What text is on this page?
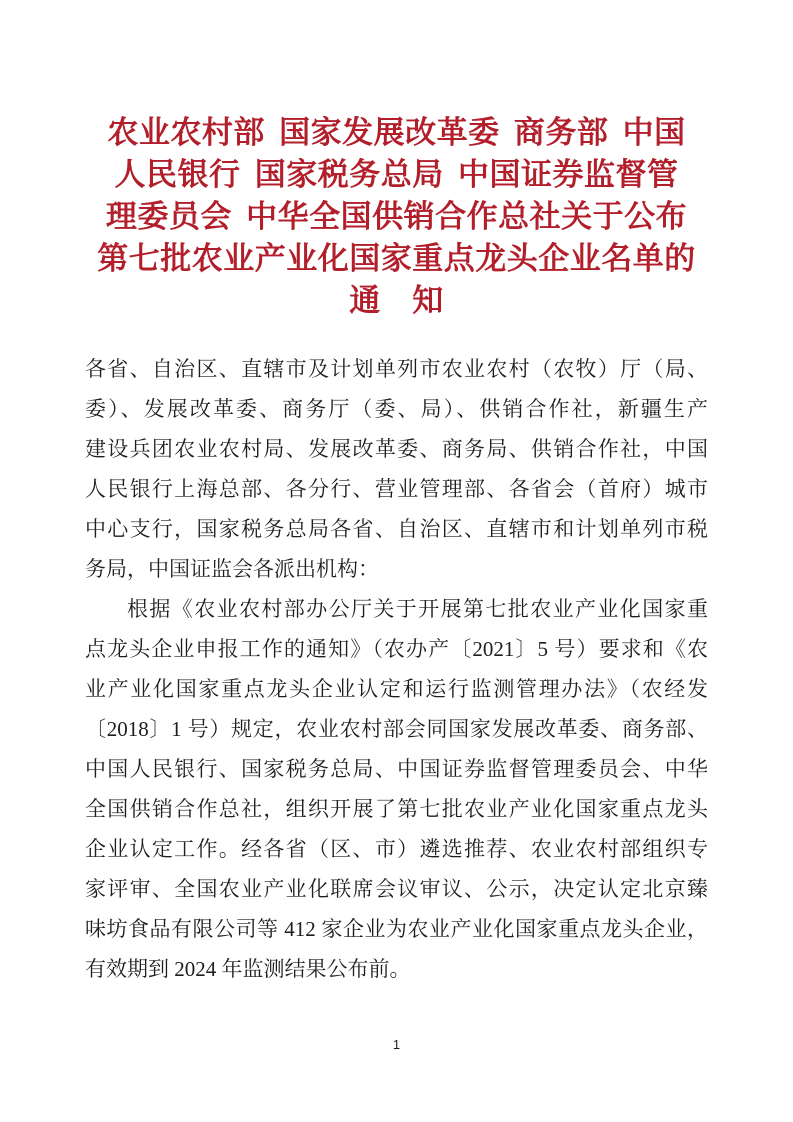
农业农村部 国家发展改革委 商务部 中国
人民银行 国家税务总局 中国证券监督管
理委员会 中华全国供销合作总社关于公布
第七批农业产业化国家重点龙头企业名单的
通　知
各省、自治区、直辖市及计划单列市农业农村（农牧）厅（局、
委）、发展改革委、商务厅（委、局）、供销合作社，新疆生产
建设兵团农业农村局、发展改革委、商务局、供销合作社，中国
人民银行上海总部、各分行、营业管理部、各省会（首府）城市
中心支行，国家税务总局各省、自治区、直辖市和计划单列市税
务局，中国证监会各派出机构：
根据《农业农村部办公厅关于开展第七批农业产业化国家重
点龙头企业申报工作的通知》（农办产〔2021〕5 号）要求和《农
业产业化国家重点龙头企业认定和运行监测管理办法》（农经发
〔2018〕1 号）规定，农业农村部会同国家发展改革委、商务部、
中国人民银行、国家税务总局、中国证券监督管理委员会、中华
全国供销合作总社，组织开展了第七批农业产业化国家重点龙头
企业认定工作。经各省（区、市）遴选推荐、农业农村部组织专
家评审、全国农业产业化联席会议审议、公示，决定认定北京臻
味坊食品有限公司等 412 家企业为农业产业化国家重点龙头企业，
有效期到 2024 年监测结果公布前。
1
